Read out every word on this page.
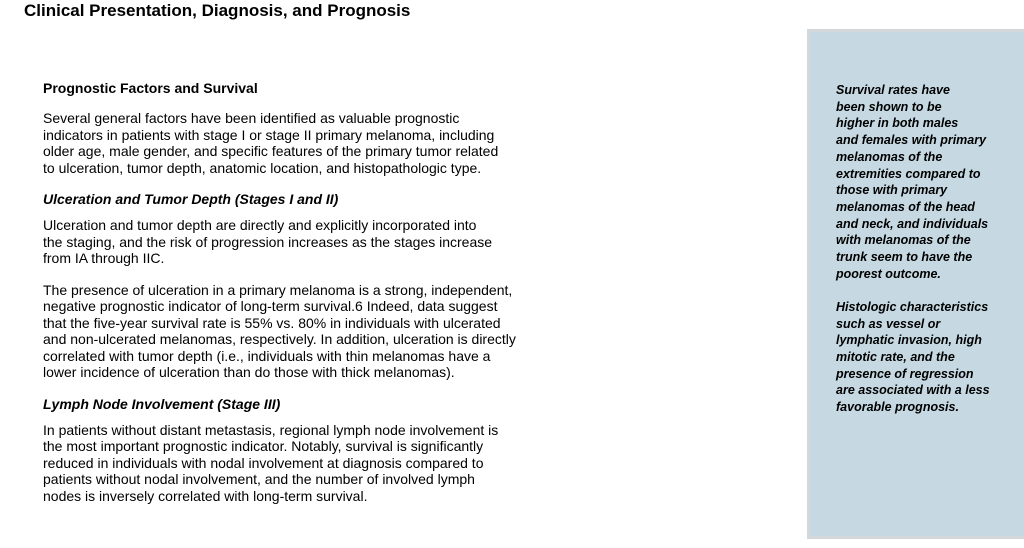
Clinical Presentation, Diagnosis, and Prognosis
Prognostic Factors and Survival

Several general factors have been identified as valuable prognostic
indicators in patients with stage I or stage II primary melanoma, including
older age, male gender, and specific features of the primary tumor related
to ulceration, tumor depth, anatomic location, and histopathologic type.

Ulceration and Tumor Depth (Stages I and II)

Ulceration and tumor depth are directly and explicitly incorporated into
the staging, and the risk of progression increases as the stages increase
from IA through IIC.

The presence of ulceration in a primary melanoma is a strong, independent,
negative prognostic indicator of long-term survival.6 Indeed, data suggest
that the five-year survival rate is 55% vs. 80% in individuals with ulcerated
and non-ulcerated melanomas, respectively. In addition, ulceration is directly
correlated with tumor depth (i.e., individuals with thin melanomas have a
lower incidence of ulceration than do those with thick melanomas).

Lymph Node Involvement (Stage III)

In patients without distant metastasis, regional lymph node involvement is
the most important prognostic indicator. Notably, survival is significantly
reduced in individuals with nodal involvement at diagnosis compared to
patients without nodal involvement, and the number of involved lymph
nodes is inversely correlated with long-term survival.

Survival rates have
been shown to be
higher in both males
and females with primary
melanomas of the
extremities compared to
those with primary
melanomas of the head
and neck, and individuals
with melanomas of the
trunk seem to have the
poorest outcome.

Histologic characteristics
such as vessel or
lymphatic invasion, high
mitotic rate, and the
presence of regression
are associated with a less
favorable prognosis.
